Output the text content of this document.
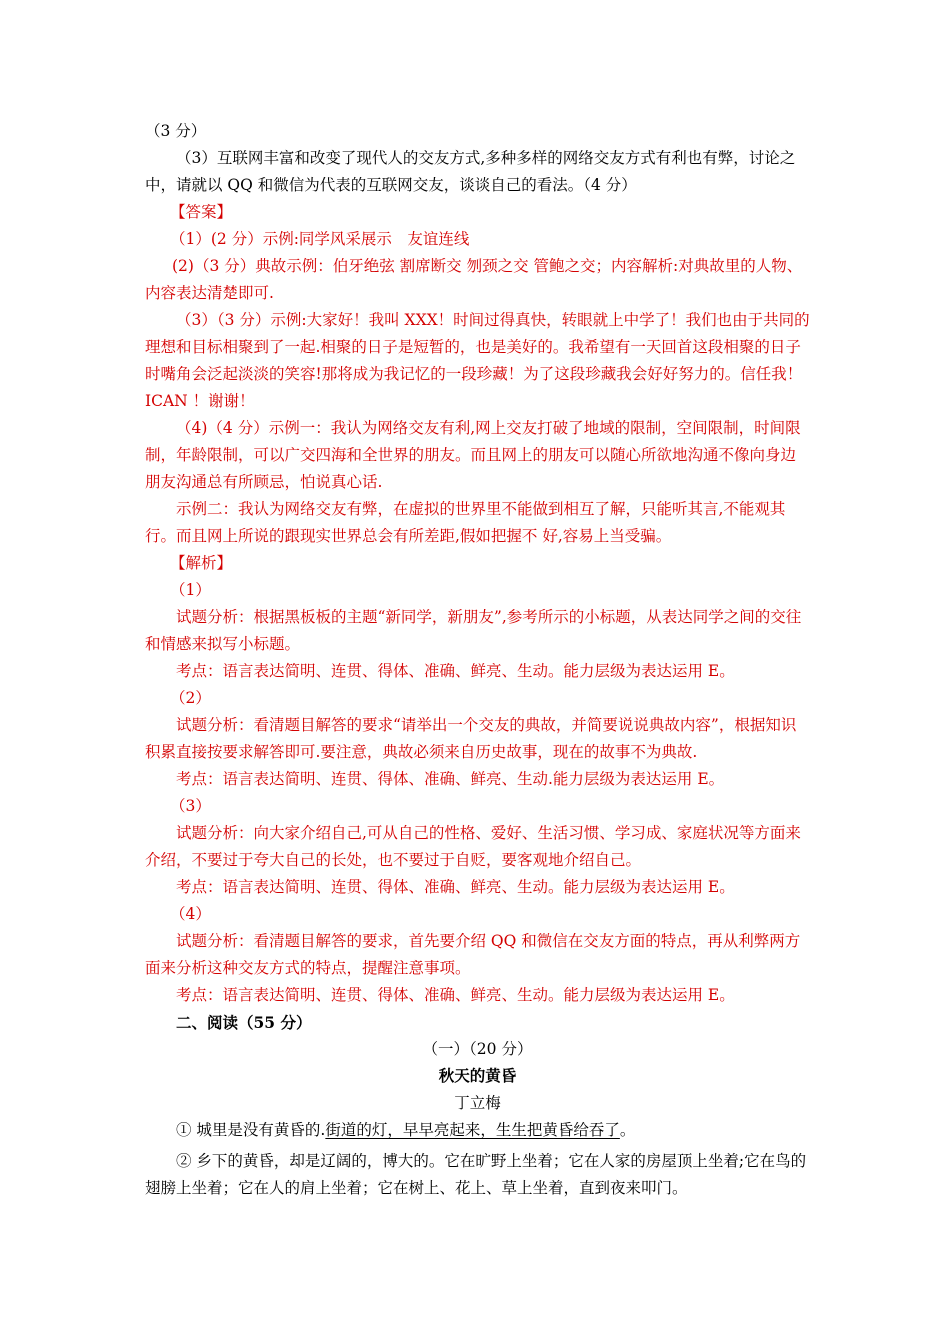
（3 分）

（3）互联网丰富和改变了现代人的交友方式,多种多样的网络交友方式有利也有弊，讨论之中，请就以 QQ 和微信为代表的互联网交友，谈谈自己的看法。（4 分）

【答案】

（1）(2 分）示例:同学风采展示　友谊连线

(2)（3 分）典故示例：伯牙绝弦 割席断交 刎颈之交 管鲍之交；内容解析:对典故里的人物、内容表达清楚即可.

（3）（3 分）示例:大家好！我叫 XXX！时间过得真快，转眼就上中学了！我们也由于共同的理想和目标相聚到了一起.相聚的日子是短暂的，也是美好的。我希望有一天回首这段相聚的日子时嘴角会泛起淡淡的笑容!那将成为我记忆的一段珍藏！为了这段珍藏我会好好努力的。信任我！ICAN ！谢谢！

（4)（4 分）示例一：我认为网络交友有利,网上交友打破了地域的限制，空间限制，时间限制，年龄限制，可以广交四海和全世界的朋友。而且网上的朋友可以随心所欲地沟通不像向身边朋友沟通总有所顾忌，怕说真心话.

示例二：我认为网络交友有弊，在虚拟的世界里不能做到相互了解，只能听其言,不能观其行。而且网上所说的跟现实世界总会有所差距,假如把握不 好,容易上当受骗。

【解析】

（1）

试题分析：根据黑板板的主题“新同学，新朋友”,参考所示的小标题，从表达同学之间的交往和情感来拟写小标题。

考点：语言表达简明、连贯、得体、准确、鲜亮、生动。能力层级为表达运用 E。

（2）

试题分析：看清题目解答的要求“请举出一个交友的典故，并简要说说典故内容”，根据知识积累直接按要求解答即可.要注意，典故必须来自历史故事，现在的故事不为典故.

考点：语言表达简明、连贯、得体、准确、鲜亮、生动.能力层级为表达运用 E。

（3）

试题分析：向大家介绍自己,可从自己的性格、爱好、生活习惯、学习成、家庭状况等方面来介绍，不要过于夸大自己的长处，也不要过于自贬，要客观地介绍自己。

考点：语言表达简明、连贯、得体、准确、鲜亮、生动。能力层级为表达运用 E。

（4）

试题分析：看清题目解答的要求，首先要介绍 QQ 和微信在交友方面的特点，再从利弊两方面来分析这种交友方式的特点，提醒注意事项。

考点：语言表达简明、连贯、得体、准确、鲜亮、生动。能力层级为表达运用 E。

二、阅读（55 分）

（一）（20 分）

秋天的黄昏

丁立梅

① 城里是没有黄昏的.街道的灯，早早亮起来，生生把黄昏给吞了。

② 乡下的黄昏，却是辽阔的，博大的。它在旷野上坐着；它在人家的房屋顶上坐着;它在鸟的翅膀上坐着；它在人的肩上坐着；它在树上、花上、草上坐着，直到夜来叩门。
